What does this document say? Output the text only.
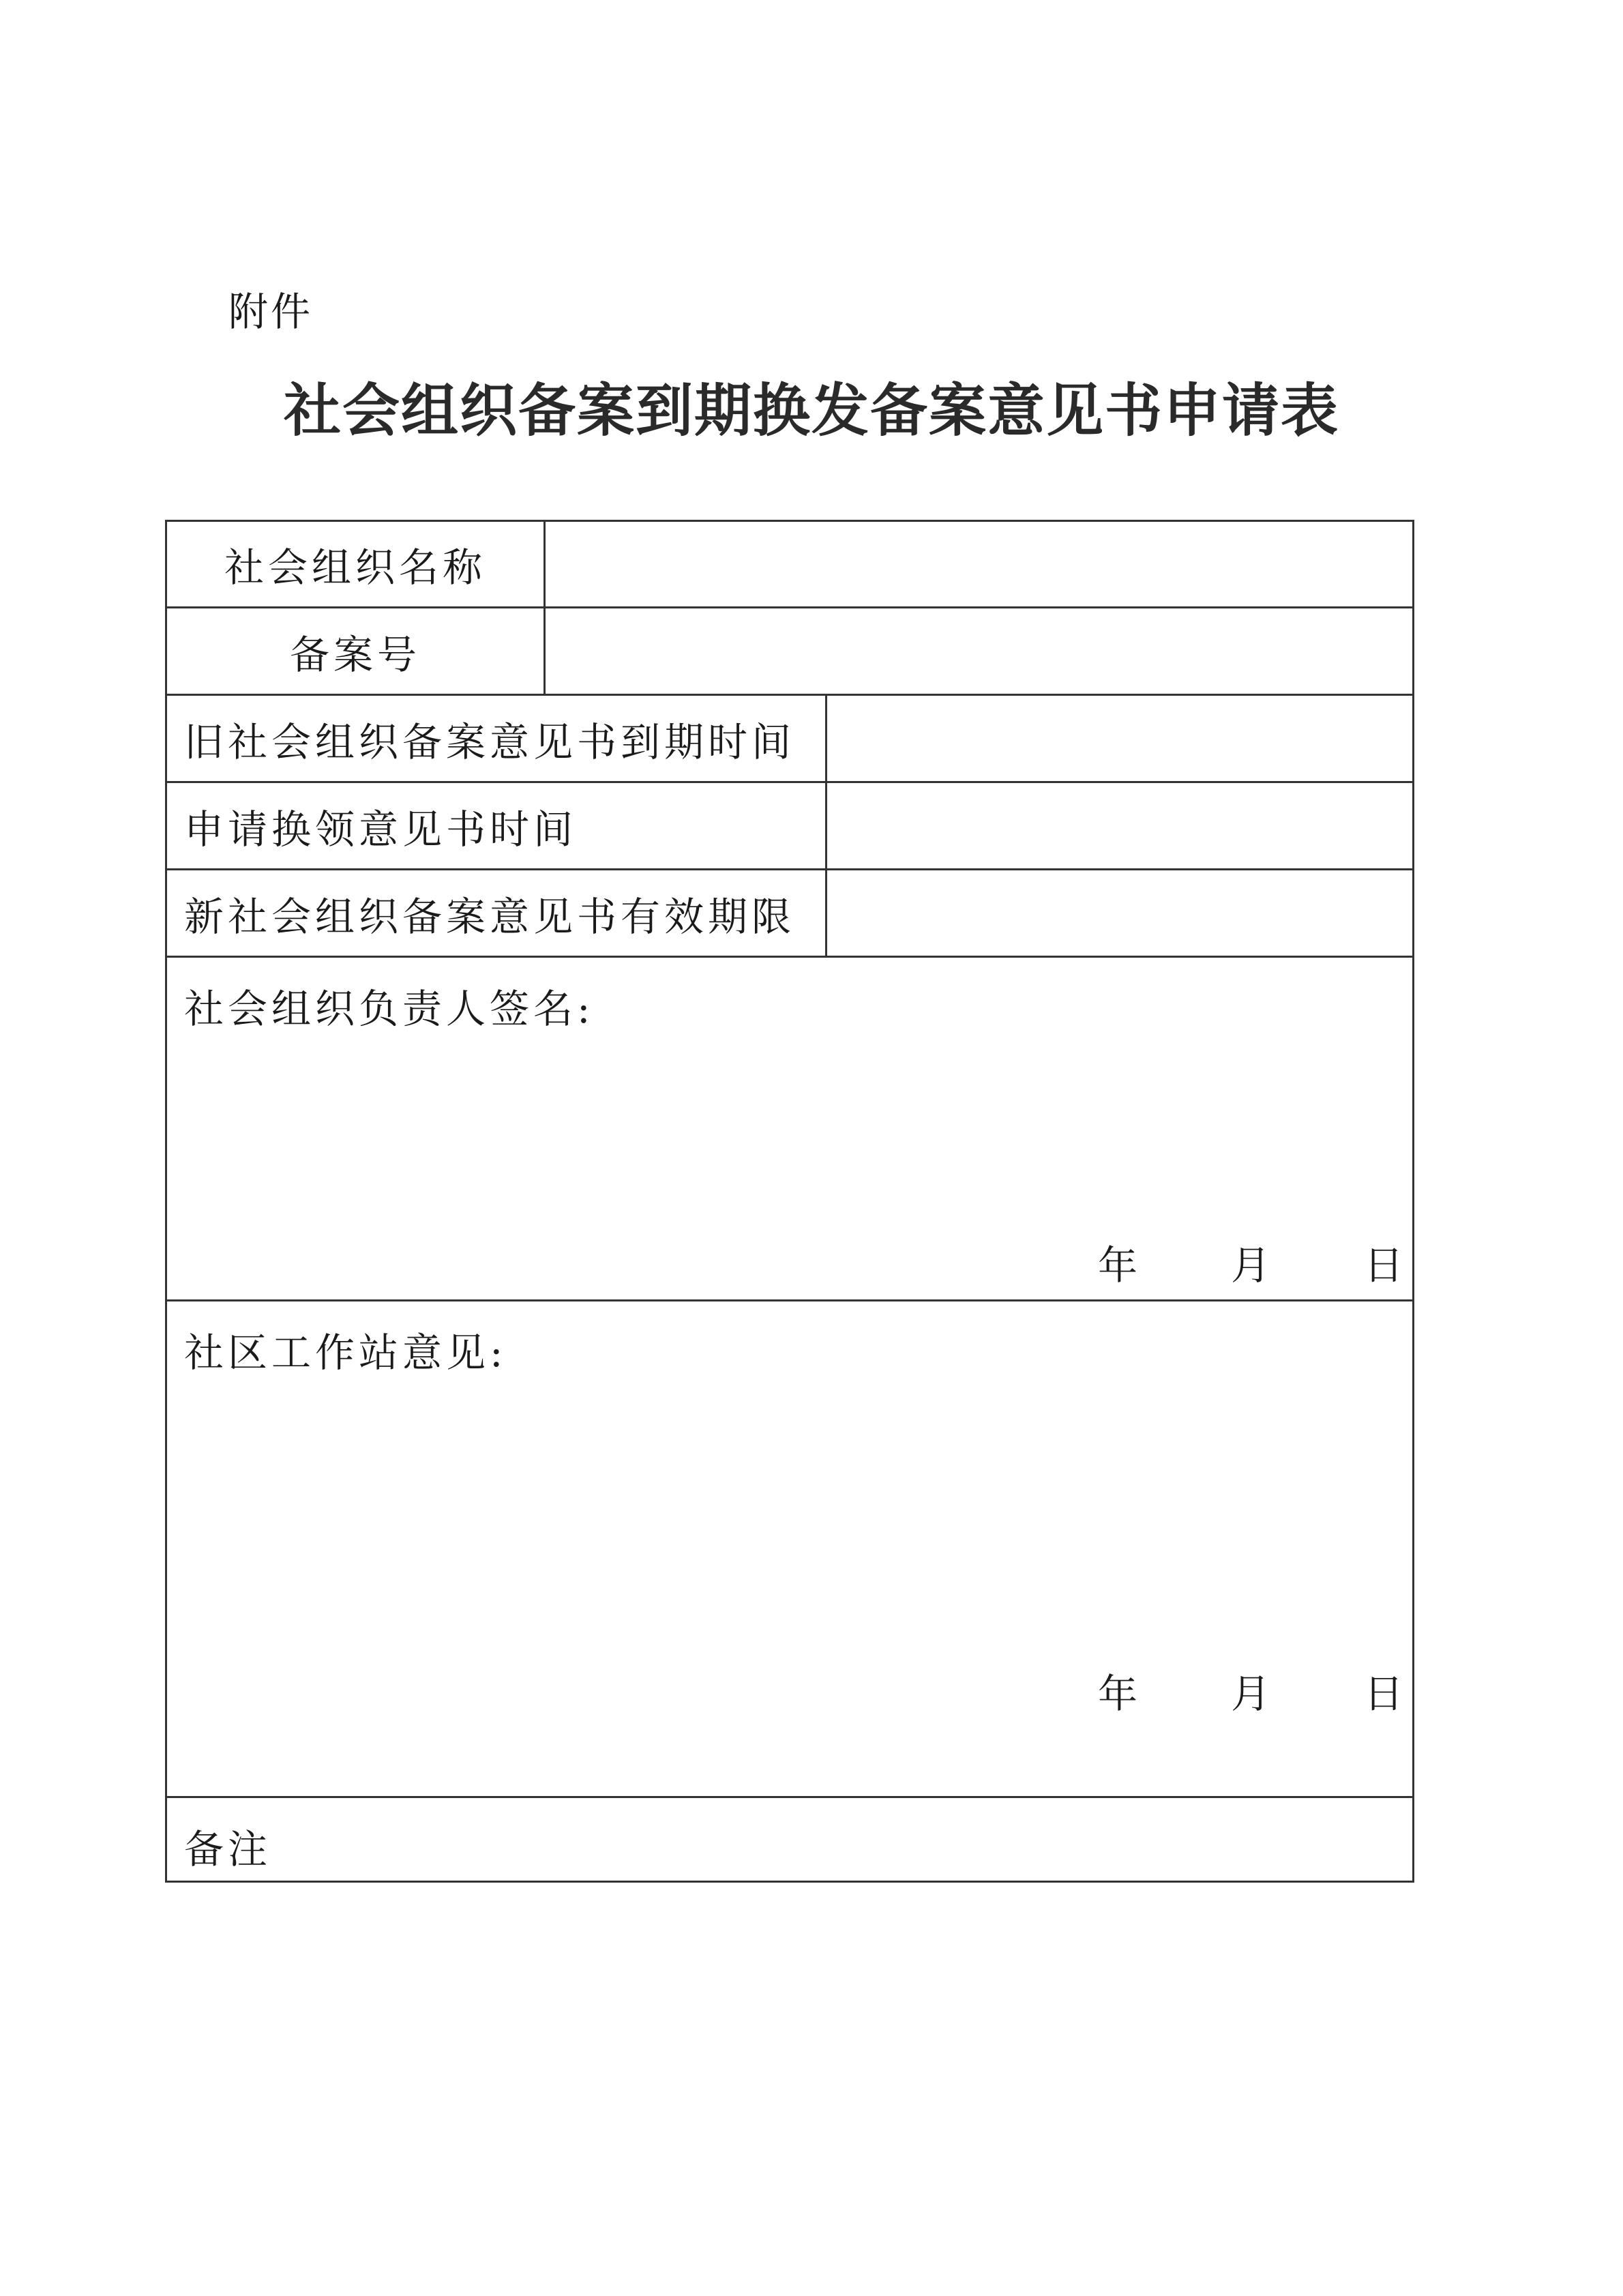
附件
社会组织备案到期换发备案意见书申请表
社会组织名称
备案号
旧社会组织备案意见书到期时间
申请换领意见书时间
新社会组织备案意见书有效期限
社会组织负责人签名:
年 月 日
社区工作站意见:
年 月 日
备注
